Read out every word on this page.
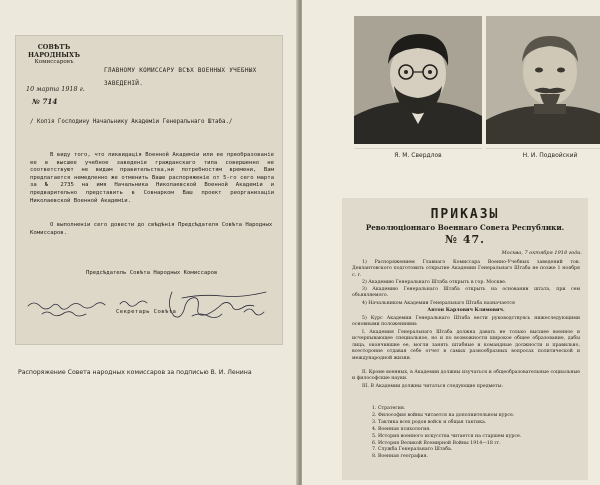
СОВѢТЪ НАРОДНЫХЪ
Комиссаровъ
ГЛАВНОМУ КОМИССАРУ ВСѢХ ВОЕННЫХ УЧЕБНЫХ ЗАВЕДЕНІЙ.
10 марта 1918 г.
№ 714
/ Копія Господину Начальнику Академіи Генеральнаго Штаба./
В виду того, что ликвидація Военной Академіи или ее преобразованіе ее в высшее учебное заведеніе гражданскаго типа совершенно не соответствуют не видам правительства,ни потребностям времени, Вам предлагается немедленно же отменить Ваше распоряженіе от 5-го сего марта за № 2735 на имя Начальника Николаевской Военной Академіи и предварительно представить в Совнарком Ваш проект реорганизаціи Николаевской Военной Академіи.
О выполненіи сего довести до свѣдѣнія Предсѣдателя Совѣта Народных Комиссаров.
Предсѣдатель Совѣта Народных Комиссаров
Секретарь Совѣта
Распоряжение Совета народных комиссаров за подписью В. И. Ленина
Я. М. Свердлов	Н. И. Подвойский
ПРИКАЗЫ
Революціоннаго Военнаго Совета Республики.
№ 47.
Москва, 7 октября 1918 года.
1) Распоряжением Главнаго Комиссара Военно-Учебных заведений тов. Девлантовского подготовить открытие Академии Генеральнаго Штаба не позже 1 ноября с. г.
2) Академию Генеральнаго Штаба открыть в гор. Москве.
3) Академию Генеральнаго Штаба открыть на основании штата, при сем объявляемого.
4) Начальником Академии Генеральнаго Штаба назначается
Антон Карлович Климович.
5) Курс Академии Генеральнаго Штаба вести руководствуясь нижеследующими основными положениями:
I. Академия Генеральнаго Штаба должна давать не только высшее военное и исчерпывающее специальное, но и по возможности широкое общее образование, дабы лица, окончившие ее, могли занять штабные и командные должности и правильно, всесторонне отдавая себе отчет в самых разнообразных вопросах политической и международной жизни.
II. Кроме военных, в Академии должны изучаться и общеобразовательные социальные и философские науки.
III. В Академии должны читаться следующие предметы:
1. Стратегия.
2. Философия войны читается на дополнительном курсе.
3. Тактика всех родов войск и общая тактика.
4. Военная психология.
5. История военного искусства читается на старшем курсе.
6. История Великой Всемирной Войны 1914—18 гг.
7. Служба Генеральнаго Штаба.
8. Военная география.
